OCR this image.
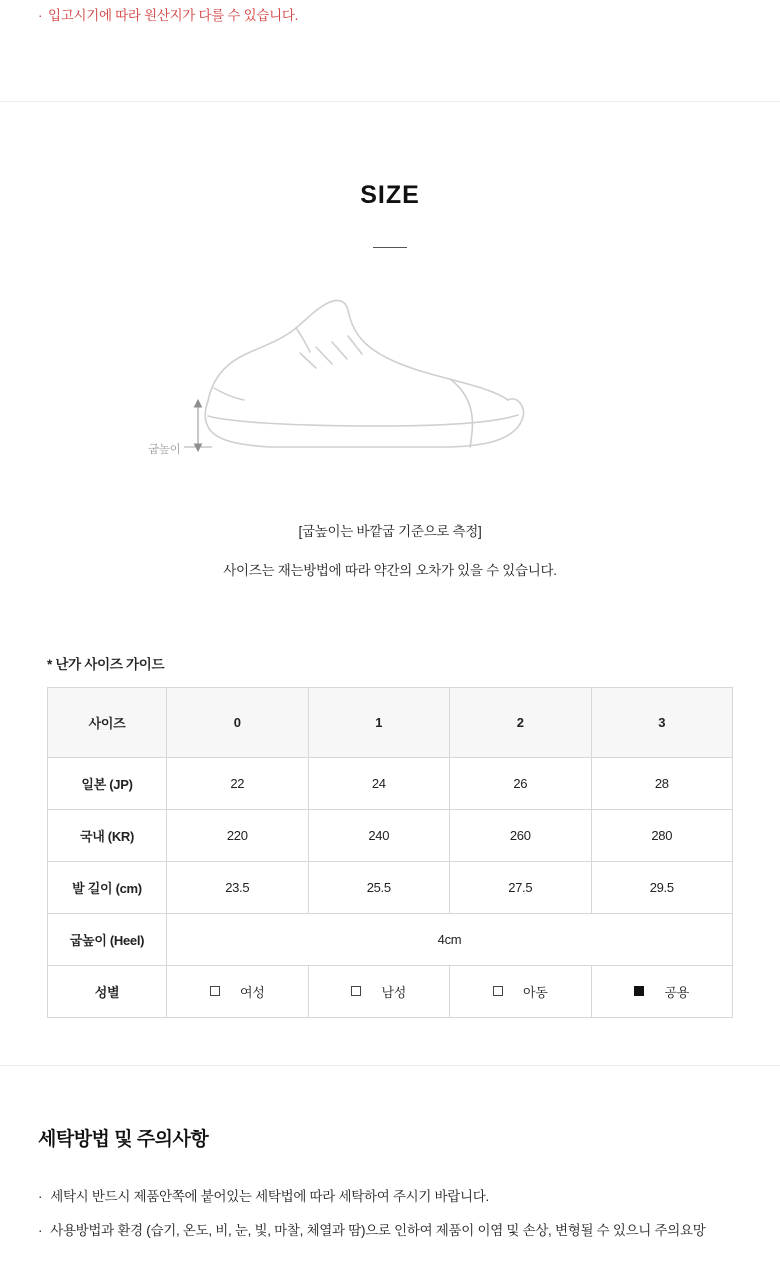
· 입고시기에 따라 원산지가 다를 수 있습니다.
SIZE
굽높이
[굽높이는 바깥굽 기준으로 측정]
사이즈는 재는방법에 따라 약간의 오차가 있을 수 있습니다.
* 난가 사이즈 가이드
사이즈	0	1	2	3
일본 (JP)	22	24	26	28
국내 (KR)	220	240	260	280
발 길이 (cm)	23.5	25.5	27.5	29.5
굽높이 (Heel)	4cm			
성별	여성	남성	아동	공용
세탁방법 및 주의사항
· 세탁시 반드시 제품안쪽에 붙어있는 세탁법에 따라 세탁하여 주시기 바랍니다.
· 사용방법과 환경 (습기, 온도, 비, 눈, 빛, 마찰, 체열과 땀)으로 인하여 제품이 이염 및 손상, 변형될 수 있으니 주의요망
